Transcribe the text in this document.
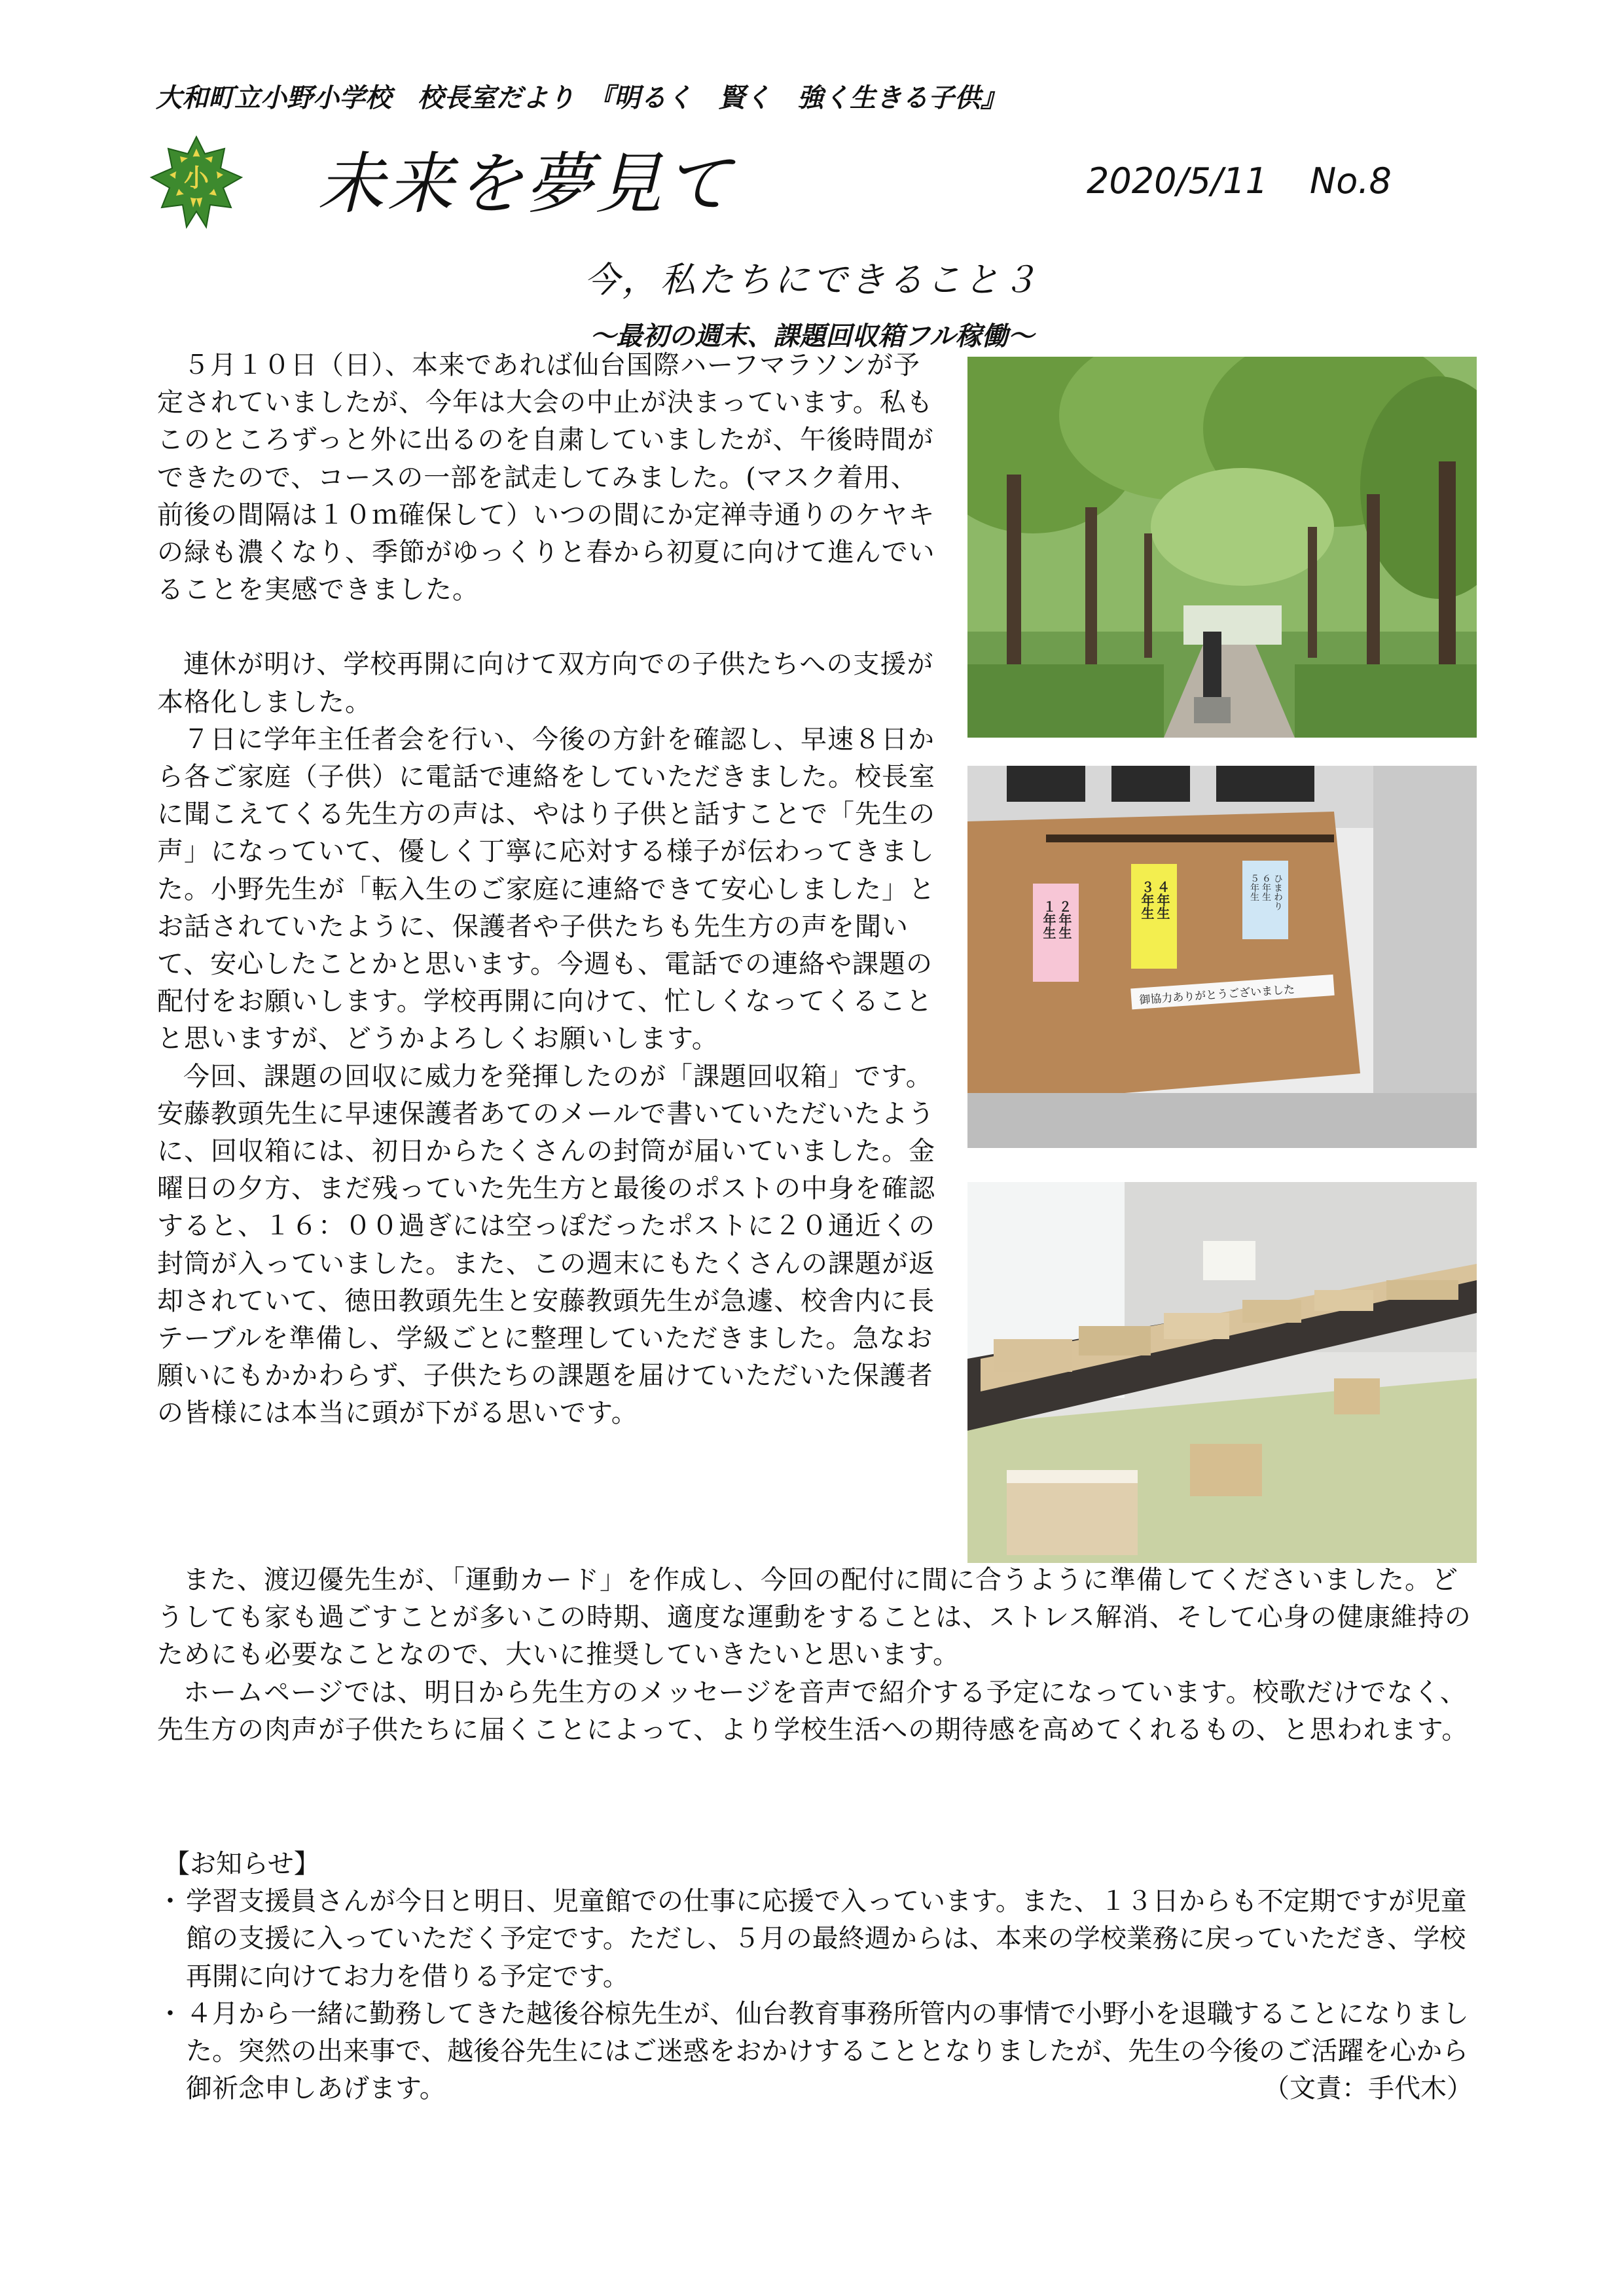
大和町立小野小学校　 校長室だより　 『明るく　賢く　強く生きる子供』
小 未来を夢見て	2020/5/11 No.8
今，私たちにできること３
～最初の週末、課題回収箱フル稼働～

５月１０日（日）、本来であれば仙台国際ハーフマラソンが予定されていましたが、今年は大会の中止が決まっています。私もこのところずっと外に出るのを自粛していましたが、午後時間ができたので、コースの一部を試走してみました。(マスク着用、前後の間隔は１０ｍ確保して）いつの間にか定禅寺通りのケヤキの緑も濃くなり、季節がゆっくりと春から初夏に向けて進んでいることを実感できました。

連休が明け、学校再開に向けて双方向での子供たちへの支援が本格化しました。

７日に学年主任者会を行い、今後の方針を確認し、早速８日から各ご家庭（子供）に電話で連絡をしていただきました。校長室に聞こえてくる先生方の声は、やはり子供と話すことで「先生の声」になっていて、優しく丁寧に応対する様子が伝わってきました。小野先生が「転入生のご家庭に連絡できて安心しました」とお話されていたように、保護者や子供たちも先生方の声を聞いて、安心したことかと思います。今週も、電話での連絡や課題の配付をお願いします。学校再開に向けて、忙しくなってくることと思いますが、どうかよろしくお願いします。

今回、課題の回収に威力を発揮したのが「課題回収箱」です。安藤教頭先生に早速保護者あてのメールで書いていただいたように、回収箱には、初日からたくさんの封筒が届いていました。金曜日の夕方、まだ残っていた先生方と最後のポストの中身を確認すると、１６：００過ぎには空っぽだったポストに２０通近くの封筒が入っていました。また、この週末にもたくさんの課題が返却されていて、徳田教頭先生と安藤教頭先生が急遽、校舎内に長テーブルを準備し、学級ごとに整理していただきました。急なお願いにもかかわらず、子供たちの課題を届けていただいた保護者の皆様には本当に頭が下がる思いです。

また、渡辺優先生が、「運動カード」を作成し、今回の配付に間に合うように準備してくださいました。どうしても家も過ごすことが多いこの時期、適度な運動をすることは、ストレス解消、そして心身の健康維持のためにも必要なことなので、大いに推奨していきたいと思います。

ホームページでは、明日から先生方のメッセージを音声で紹介する予定になっています。校歌だけでなく、先生方の肉声が子供たちに届くことによって、より学校生活への期待感を高めてくれるもの、と思われます。

【お知らせ】

・ 学習支援員さんが今日と明日、児童館での仕事に応援で入っています。また、１３日からも不定期ですが児童館の支援に入っていただく予定です。ただし、５月の最終週からは、本来の学校業務に戻っていただき、学校再開に向けてお力を借りる予定です。

・ ４月から一緒に勤務してきた越後谷椋先生が、仙台教育事務所管内の事情で小野小を退職することになりました。突然の出来事で、越後谷先生にはご迷惑をおかけすることとなりましたが、先生の今後のご活躍を心から御祈念申しあげます。	（文責：手代木）

１年生 ２年生	３年生 ４年生	５年生 ６年生 ひまわり
御協力ありがとうございました
